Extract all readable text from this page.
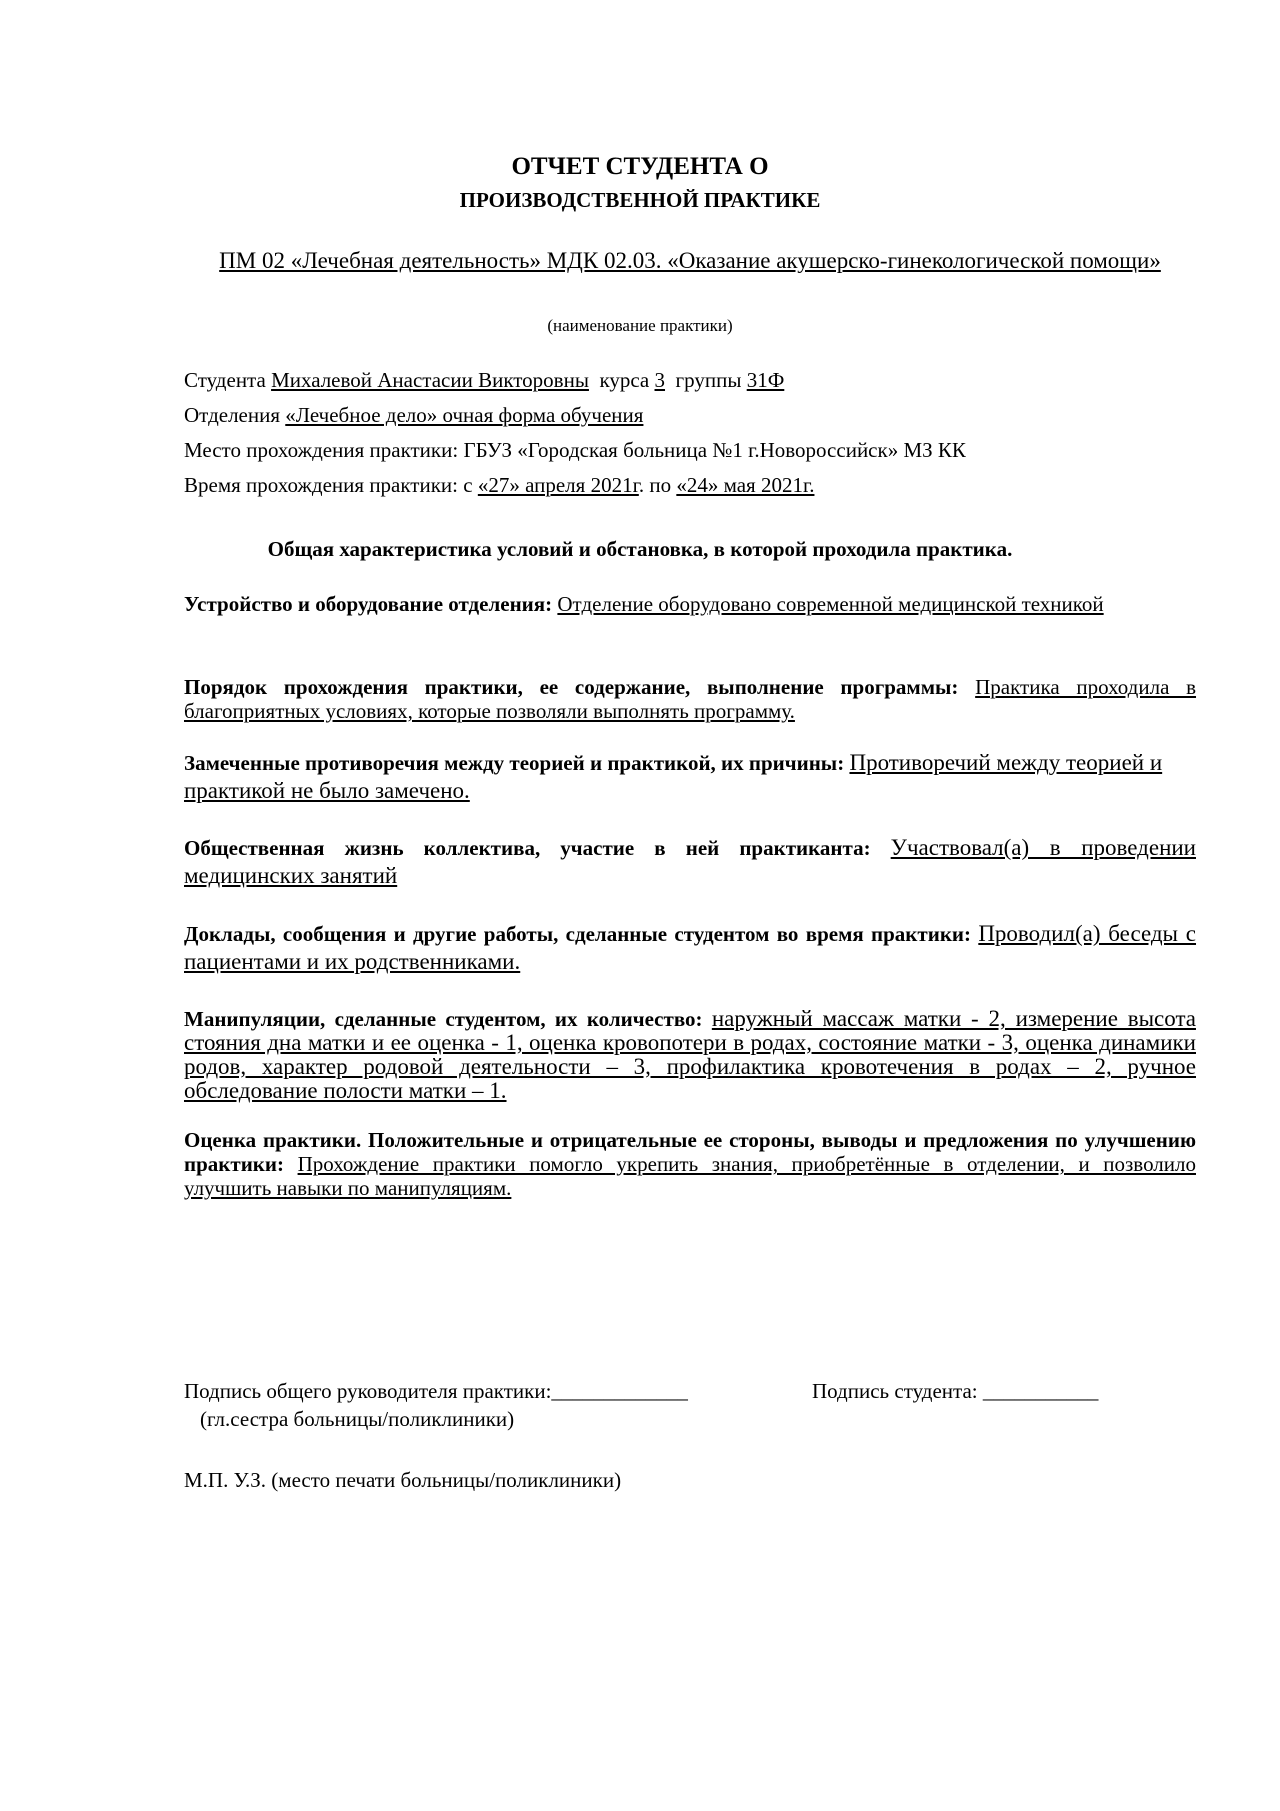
ОТЧЕТ СТУДЕНТА О
ПРОИЗВОДСТВЕННОЙ ПРАКТИКЕ
ПМ 02 «Лечебная деятельность» МДК 02.03. «Оказание акушерско-гинекологической помощи»
(наименование практики)
Студента Михалевой Анастасии Викторовны курса 3 группы 31Ф
Отделения «Лечебное дело» очная форма обучения
Место прохождения практики: ГБУЗ «Городская больница №1 г.Новороссийск» МЗ КК
Время прохождения практики: с «27» апреля 2021г. по «24» мая 2021г.
Общая характеристика условий и обстановка, в которой проходила практика.
Устройство и оборудование отделения: Отделение оборудовано современной медицинской техникой
Порядок прохождения практики, ее содержание, выполнение программы: Практика проходила в благоприятных условиях, которые позволяли выполнять программу.
Замеченные противоречия между теорией и практикой, их причины: Противоречий между теорией и практикой не было замечено.
Общественная жизнь коллектива, участие в ней практиканта: Участвовал(а) в проведении медицинских занятий
Доклады, сообщения и другие работы, сделанные студентом во время практики: Проводил(а) беседы с пациентами и их родственниками.
Манипуляции, сделанные студентом, их количество: наружный массаж матки - 2, измерение высота стояния дна матки и ее оценка - 1, оценка кровопотери в родах, состояние матки - 3, оценка динамики родов, характер родовой деятельности – 3, профилактика кровотечения в родах – 2, ручное обследование полости матки – 1.
Оценка практики. Положительные и отрицательные ее стороны, выводы и предложения по улучшению практики: Прохождение практики помогло укрепить знания, приобретённые в отделении, и позволило улучшить навыки по манипуляциям.
Подпись общего руководителя практики:_____________	Подпись студента: ___________
(гл.сестра больницы/поликлиники)
М.П. У.З. (место печати больницы/поликлиники)
